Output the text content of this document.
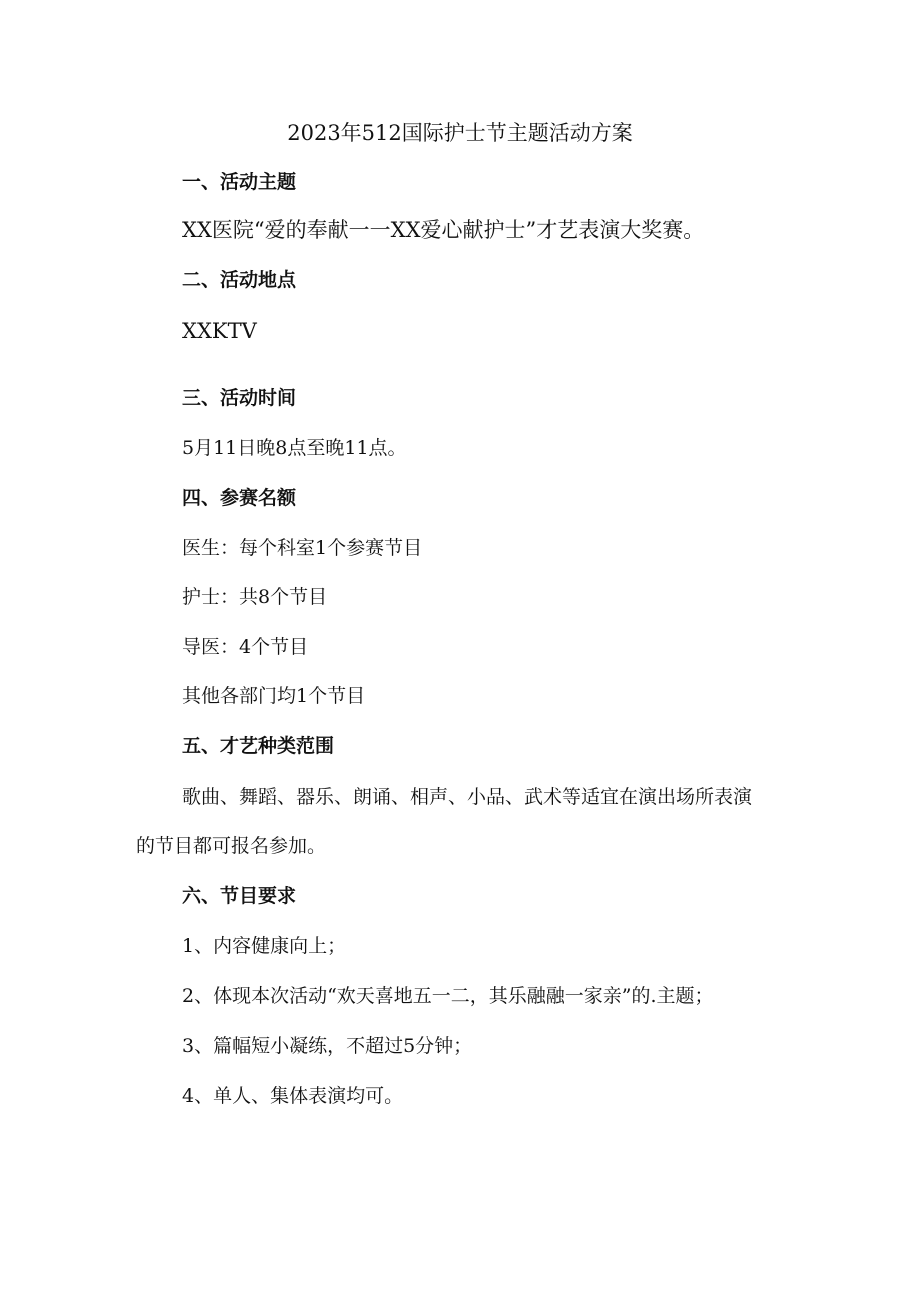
2023年512国际护士节主题活动方案
一、活动主题
XX医院“爱的奉献一一XX爱心献护士”才艺表演大奖赛。
二、活动地点
XXKTV
三、活动时间
5月11日晚8点至晚11点。
四、参赛名额
医生：每个科室1个参赛节目
护士：共8个节目
导医：4个节目
其他各部门均1个节目
五、才艺种类范围
歌曲、舞蹈、器乐、朗诵、相声、小品、武术等适宜在演出场所表演
的节目都可报名参加。
六、节目要求
1、内容健康向上；
2、体现本次活动“欢天喜地五一二，其乐融融一家亲”的.主题；
3、篇幅短小凝练，不超过5分钟；
4、单人、集体表演均可。
